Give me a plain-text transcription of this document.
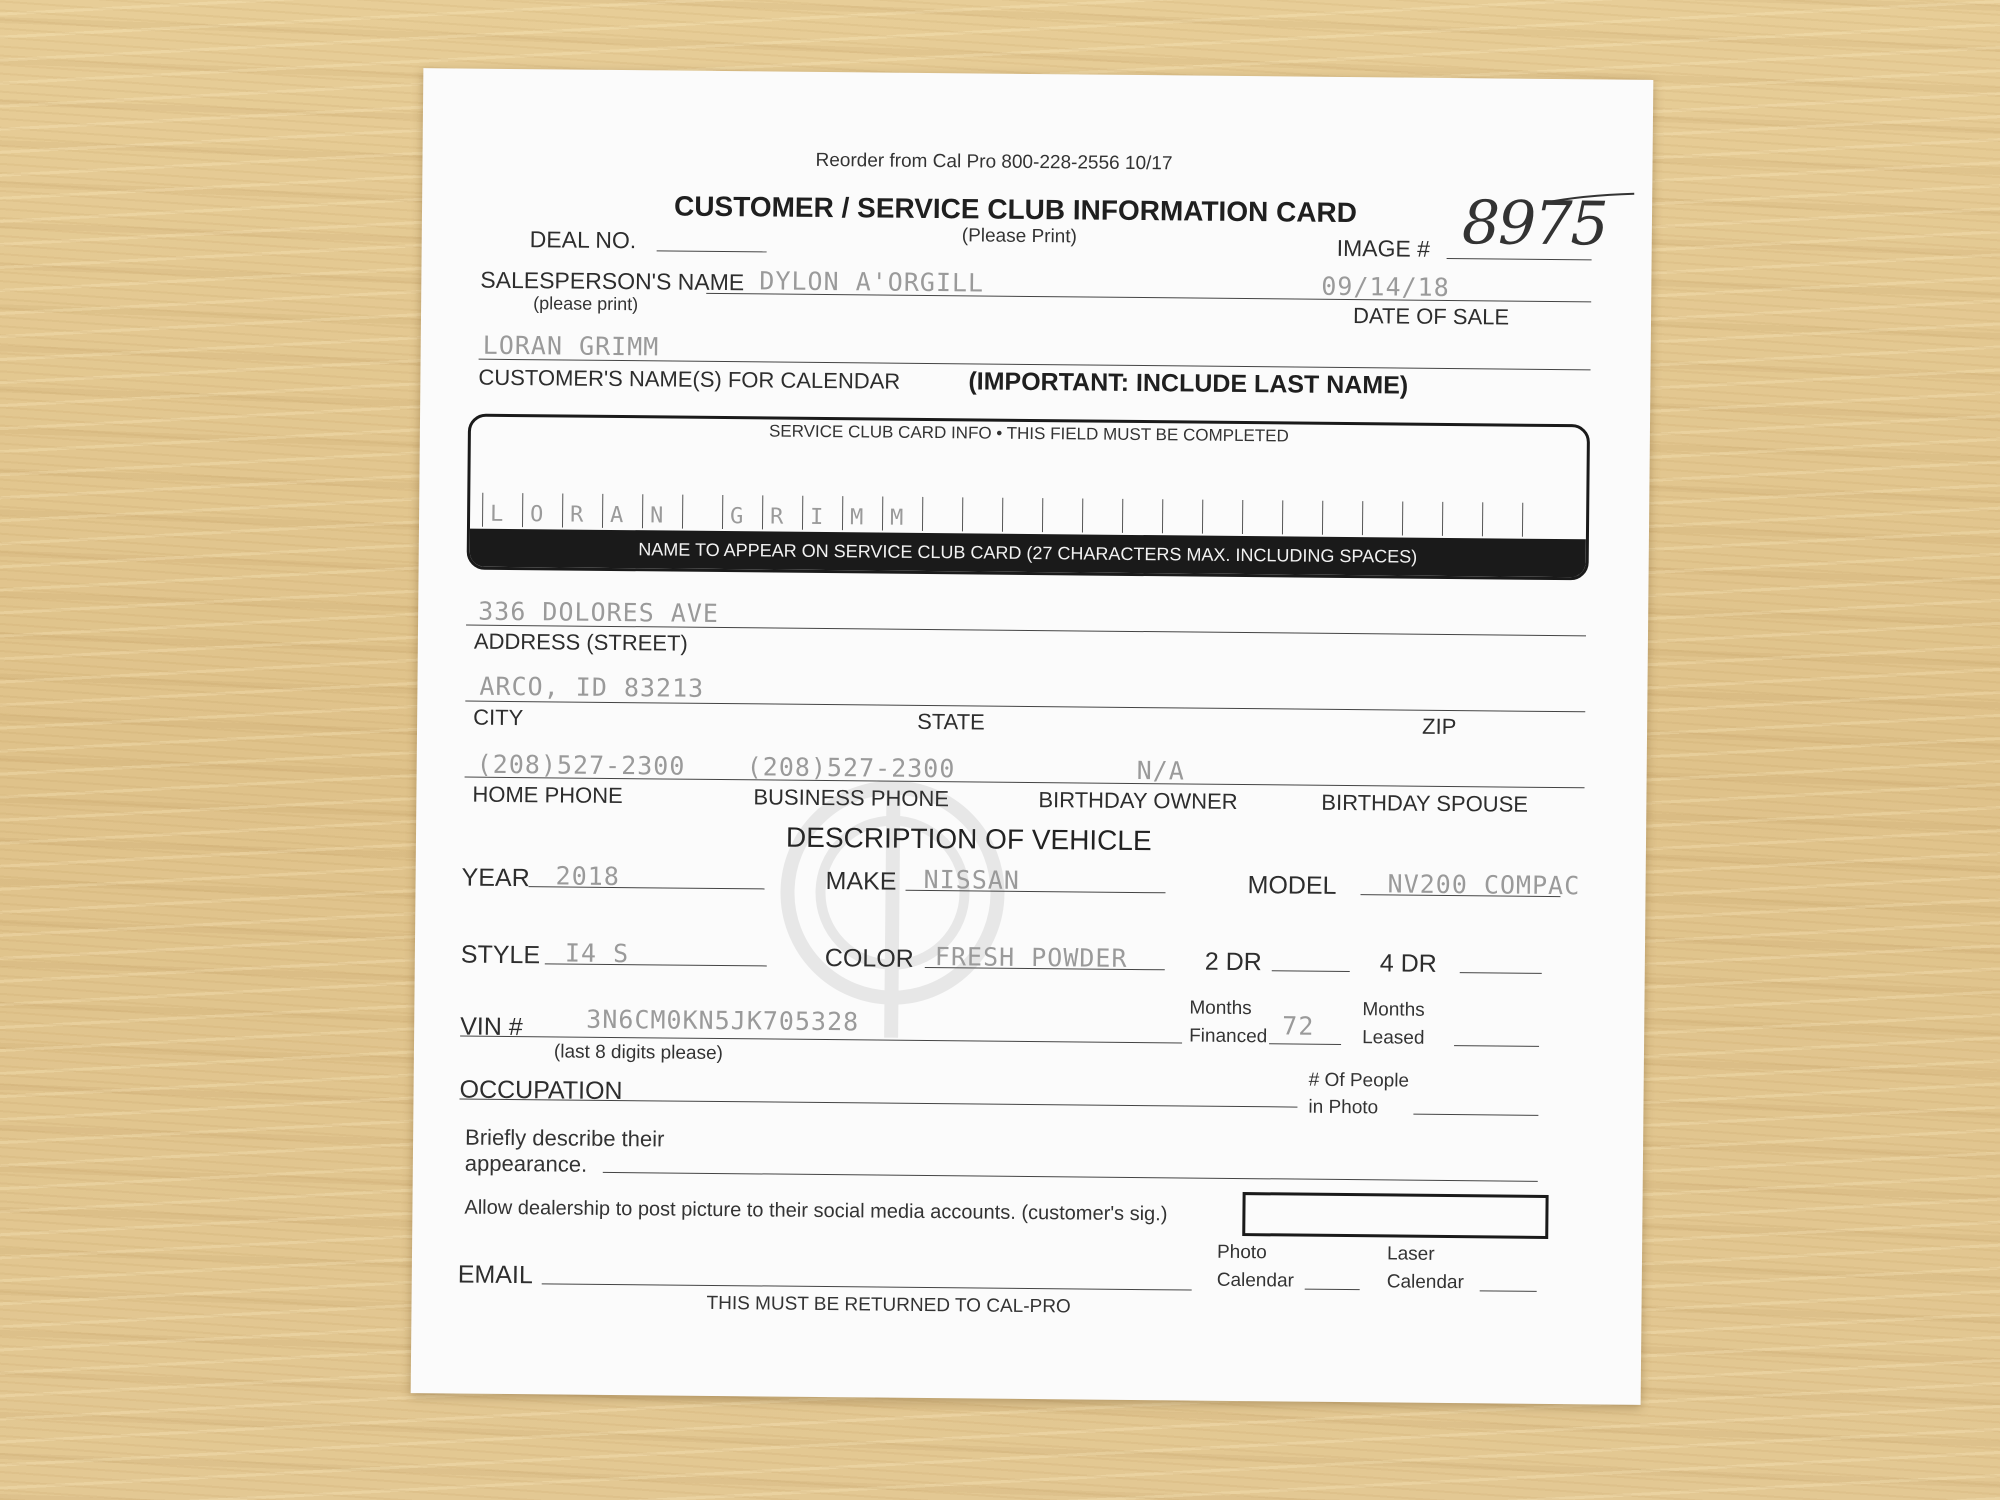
Reorder from Cal Pro 800-228-2556 10/17
CUSTOMER / SERVICE CLUB INFORMATION CARD
(Please Print)
DEAL NO.	IMAGE # 8975
SALESPERSON'S NAME
(please print)
DYLON A'ORGILL	09/14/18
DATE OF SALE
LORAN GRIMM
CUSTOMER'S NAME(S) FOR CALENDAR	(IMPORTANT: INCLUDE LAST NAME)
SERVICE CLUB CARD INFO • THIS FIELD MUST BE COMPLETED
L O R A N	G R I M M
NAME TO APPEAR ON SERVICE CLUB CARD (27 CHARACTERS MAX. INCLUDING SPACES)
336 DOLORES AVE
ADDRESS (STREET)
ARCO, ID 83213
CITY	STATE	ZIP
(208)527-2300 (208)527-2300	N/A
HOME PHONE	BUSINESS PHONE	BIRTHDAY OWNER	BIRTHDAY SPOUSE
DESCRIPTION OF VEHICLE
YEAR 2018	MAKE NISSAN	MODEL NV200 COMPAC
STYLE I4 S	COLOR FRESH POWDER	2 DR	4 DR
VIN #	3N6CM0KN5JK705328
(last 8 digits please)
Months
Financed 72
Months
Leased
OCCUPATION	# Of People
in Photo
Briefly describe their
appearance.
Allow dealership to post picture to their social media accounts. (customer's sig.)
EMAIL
THIS MUST BE RETURNED TO CAL-PRO
Photo
Calendar
Laser
Calendar
